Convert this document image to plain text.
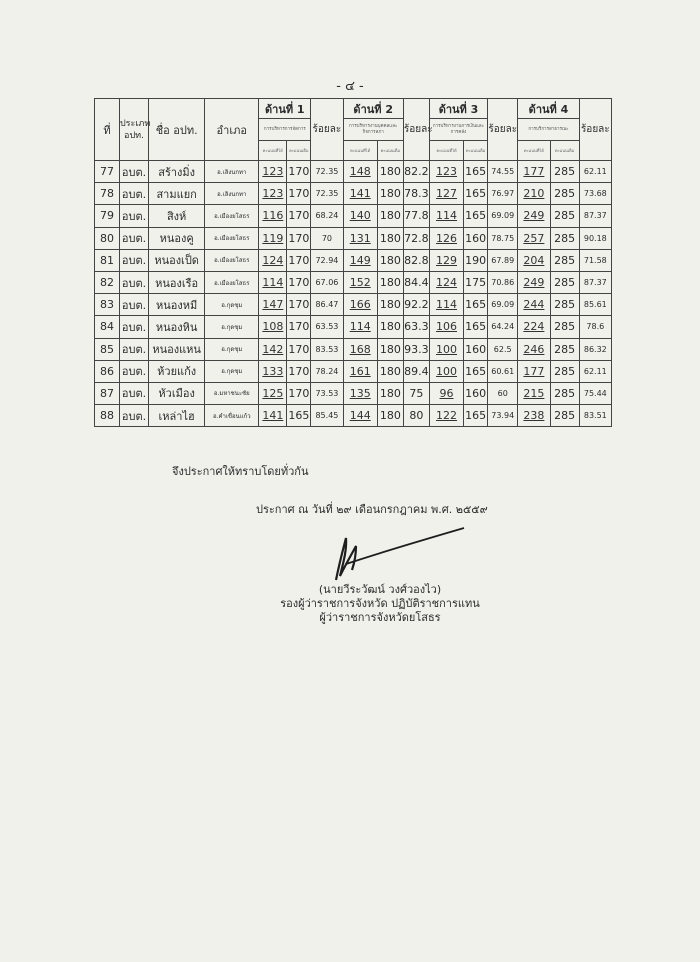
- ๔ -
ที่	ประเภท อปท.	ชื่อ อปท.	อำเภอ	ด้านที่ 1		ร้อยละ	ด้านที่ 2		ร้อยละ	ด้านที่ 3		ร้อยละ	ด้านที่ 4		ร้อยละ
				การบริหารการจัดการ			การบริหารงานบุคคลและกิจการสภา			การบริหารงานการเงินและการคลัง			การบริการสาธารณะ		
				คะแนนที่ได้	คะแนนเต็ม		คะแนนที่ได้	คะแนนเต็ม		คะแนนที่ได้	คะแนนเต็ม		คะแนนที่ได้	คะแนนเต็ม	
77	อบต.	สร้างมิ่ง	อ.เลิงนกทา	123	170	72.35	148	180	82.2	123	165	74.55	177	285	62.11
78	อบต.	สามแยก	อ.เลิงนกทา	123	170	72.35	141	180	78.3	127	165	76.97	210	285	73.68
79	อบต.	สิงห์	อ.เมืองยโสธร	116	170	68.24	140	180	77.8	114	165	69.09	249	285	87.37
80	อบต.	หนองคู	อ.เมืองยโสธร	119	170	70	131	180	72.8	126	160	78.75	257	285	90.18
81	อบต.	หนองเป็ด	อ.เมืองยโสธร	124	170	72.94	149	180	82.8	129	190	67.89	204	285	71.58
82	อบต.	หนองเรือ	อ.เมืองยโสธร	114	170	67.06	152	180	84.4	124	175	70.86	249	285	87.37
83	อบต.	หนองหมี	อ.กุดชุม	147	170	86.47	166	180	92.2	114	165	69.09	244	285	85.61
84	อบต.	หนองหิน	อ.กุดชุม	108	170	63.53	114	180	63.3	106	165	64.24	224	285	78.6
85	อบต.	หนองแหน	อ.กุดชุม	142	170	83.53	168	180	93.3	100	160	62.5	246	285	86.32
86	อบต.	ห้วยแก้ง	อ.กุดชุม	133	170	78.24	161	180	89.4	100	165	60.61	177	285	62.11
87	อบต.	หัวเมือง	อ.มหาชนะชัย	125	170	73.53	135	180	75	96	160	60	215	285	75.44
88	อบต.	เหล่าไฮ	อ.คำเขื่อนแก้ว	141	165	85.45	144	180	80	122	165	73.94	238	285	83.51
จึงประกาศให้ทราบโดยทั่วกัน
ประกาศ ณ วันที่ ๒๙ เดือนกรกฎาคม พ.ศ. ๒๕๕๙
(นายวีระวัฒน์ วงศ์วองไว)
รองผู้ว่าราชการจังหวัด ปฏิบัติราชการแทน
ผู้ว่าราชการจังหวัดยโสธร
